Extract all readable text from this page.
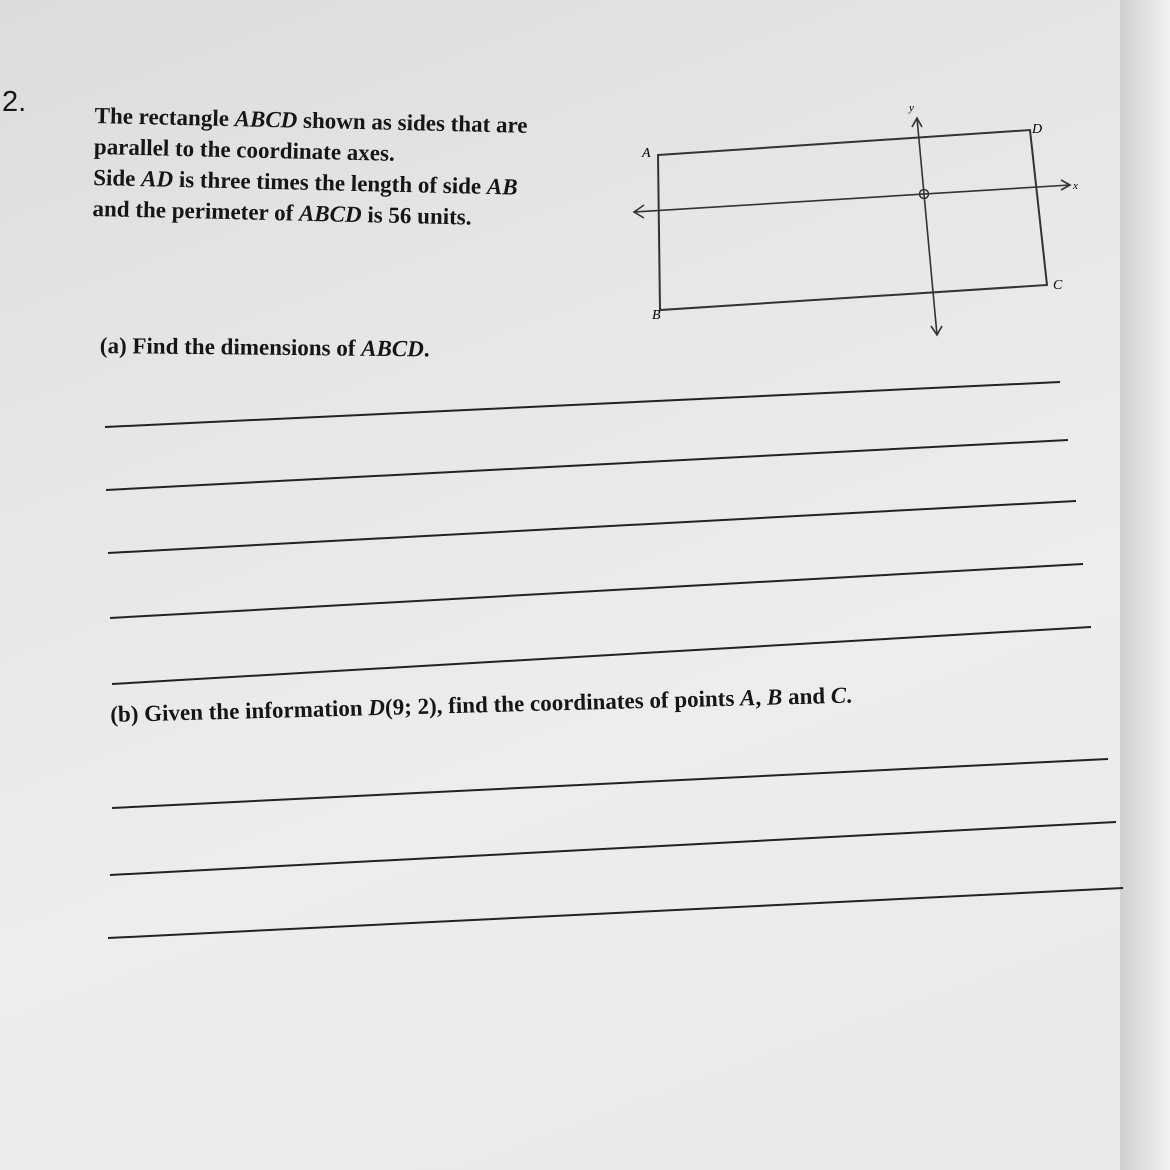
2.	The rectangle ABCD shown as sides that are
parallel to the coordinate axes.
Side AD is three times the length of side AB
and the perimeter of ABCD is 56 units.
A
B
C
D
x
y
(a) Find the dimensions of ABCD.
(b) Given the information D(9; 2), find the coordinates of points A, B and C.
